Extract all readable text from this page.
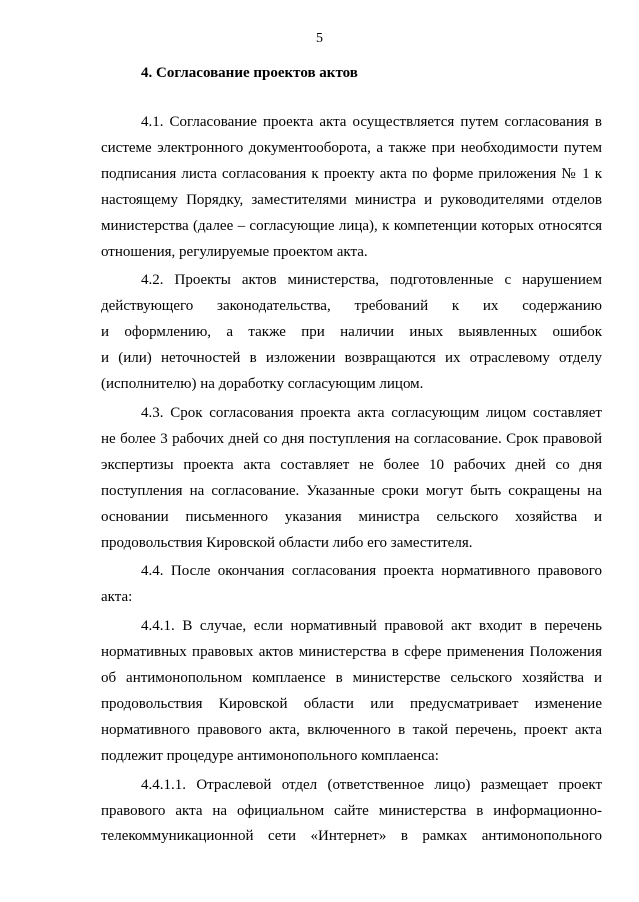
5
4. Согласование проектов актов
4.1. Согласование проекта акта осуществляется путем согласования в
системе электронного документооборота, а также при необходимости путем
подписания листа согласования к проекту акта по форме приложения № 1 к
настоящему Порядку, заместителями министра и руководителями отделов
министерства (далее – согласующие лица), к компетенции которых относятся
отношения, регулируемые проектом акта.
4.2. Проекты актов министерства, подготовленные с нарушением
действующего законодательства, требований к их содержанию
и оформлению, а также при наличии иных выявленных ошибок
и (или) неточностей в изложении возвращаются их отраслевому отделу
(исполнителю) на доработку согласующим лицом.
4.3. Срок согласования проекта акта согласующим лицом составляет
не более 3 рабочих дней со дня поступления на согласование. Срок правовой
экспертизы проекта акта составляет не более 10 рабочих дней со дня
поступления на согласование. Указанные сроки могут быть сокращены на
основании письменного указания министра сельского хозяйства и
продовольствия Кировской области либо его заместителя.
4.4. После окончания согласования проекта нормативного правового
акта:
4.4.1. В случае, если нормативный правовой акт входит в перечень
нормативных правовых актов министерства в сфере применения Положения
об антимонопольном комплаенсе в министерстве сельского хозяйства и
продовольствия Кировской области или предусматривает изменение
нормативного правового акта, включенного в такой перечень, проект акта
подлежит процедуре антимонопольного комплаенса:
4.4.1.1. Отраслевой отдел (ответственное лицо) размещает проект
правового акта на официальном сайте министерства в информационно-
телекоммуникационной сети «Интернет» в рамках антимонопольного
